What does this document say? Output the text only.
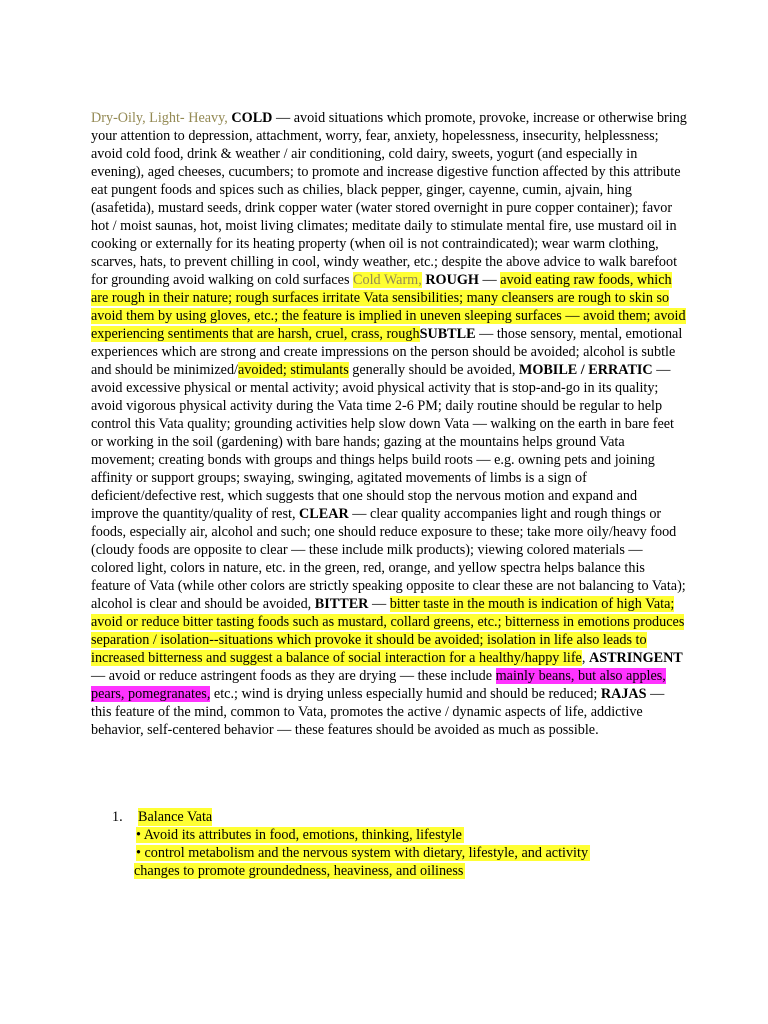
Dry-Oily, Light- Heavy, COLD — avoid situations which promote, provoke, increase or otherwise bring your attention to depression, attachment, worry, fear, anxiety, hopelessness, insecurity, helplessness; avoid cold food, drink & weather / air conditioning, cold dairy, sweets, yogurt (and especially in evening), aged cheeses, cucumbers; to promote and increase digestive function affected by this attribute eat pungent foods and spices such as chilies, black pepper, ginger, cayenne, cumin, ajvain, hing (asafetida), mustard seeds, drink copper water (water stored overnight in pure copper container); favor hot / moist saunas, hot, moist living climates; meditate daily to stimulate mental fire, use mustard oil in cooking or externally for its heating property (when oil is not contraindicated); wear warm clothing, scarves, hats, to prevent chilling in cool, windy weather, etc.; despite the above advice to walk barefoot for grounding avoid walking on cold surfaces Cold Warm, ROUGH — avoid eating raw foods, which are rough in their nature; rough surfaces irritate Vata sensibilities; many cleansers are rough to skin so avoid them by using gloves, etc.; the feature is implied in uneven sleeping surfaces — avoid them; avoid experiencing sentiments that are harsh, cruel, crass, roughSUBTLE — those sensory, mental, emotional experiences which are strong and create impressions on the person should be avoided; alcohol is subtle and should be minimized/avoided; stimulants generally should be avoided, MOBILE / ERRATIC — avoid excessive physical or mental activity; avoid physical activity that is stop-and-go in its quality; avoid vigorous physical activity during the Vata time 2-6 PM; daily routine should be regular to help control this Vata quality; grounding activities help slow down Vata — walking on the earth in bare feet or working in the soil (gardening) with bare hands; gazing at the mountains helps ground Vata movement; creating bonds with groups and things helps build roots — e.g. owning pets and joining affinity or support groups; swaying, swinging, agitated movements of limbs is a sign of deficient/defective rest, which suggests that one should stop the nervous motion and expand and improve the quantity/quality of rest, CLEAR — clear quality accompanies light and rough things or foods, especially air, alcohol and such; one should reduce exposure to these; take more oily/heavy food (cloudy foods are opposite to clear — these include milk products); viewing colored materials — colored light, colors in nature, etc. in the green, red, orange, and yellow spectra helps balance this feature of Vata (while other colors are strictly speaking opposite to clear these are not balancing to Vata); alcohol is clear and should be avoided, BITTER — bitter taste in the mouth is indication of high Vata; avoid or reduce bitter tasting foods such as mustard, collard greens, etc.; bitterness in emotions produces separation / isolation--situations which provoke it should be avoided; isolation in life also leads to increased bitterness and suggest a balance of social interaction for a healthy/happy life, ASTRINGENT — avoid or reduce astringent foods as they are drying — these include mainly beans, but also apples, pears, pomegranates, etc.; wind is drying unless especially humid and should be reduced; RAJAS — this feature of the mind, common to Vata, promotes the active / dynamic aspects of life, addictive behavior, self-centered behavior — these features should be avoided as much as possible.

1. Balance Vata
• Avoid its attributes in food, emotions, thinking, lifestyle
• control metabolism and the nervous system with dietary, lifestyle, and activity
changes to promote groundedness, heaviness, and oiliness
